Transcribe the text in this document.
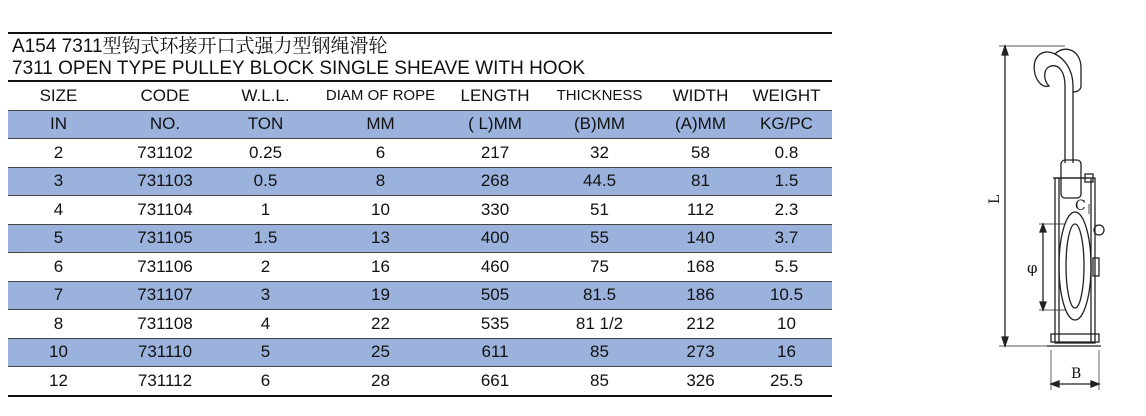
A154 7311型钩式环接开口式强力型钢绳滑轮
7311 OPEN TYPE PULLEY BLOCK SINGLE SHEAVE WITH HOOK
SIZE	CODE	W.L.L.	DIAM OF ROPE	LENGTH	THICKNESS	WIDTH	WEIGHT
IN	NO.	TON	MM	( L)MM	(B)MM	(A)MM	KG/PC
2	731102	0.25	6	217	32	58	0.8
3	731103	0.5	8	268	44.5	81	1.5
4	731104	1	10	330	51	112	2.3
5	731105	1.5	13	400	55	140	3.7
6	731106	2	16	460	75	168	5.5
7	731107	3	19	505	81.5	186	10.5
8	731108	4	22	535	81 1/2	212	10
10	731110	5	25	611	85	273	16
12	731112	6	28	661	85	326	25.5
L	C
φ
B
